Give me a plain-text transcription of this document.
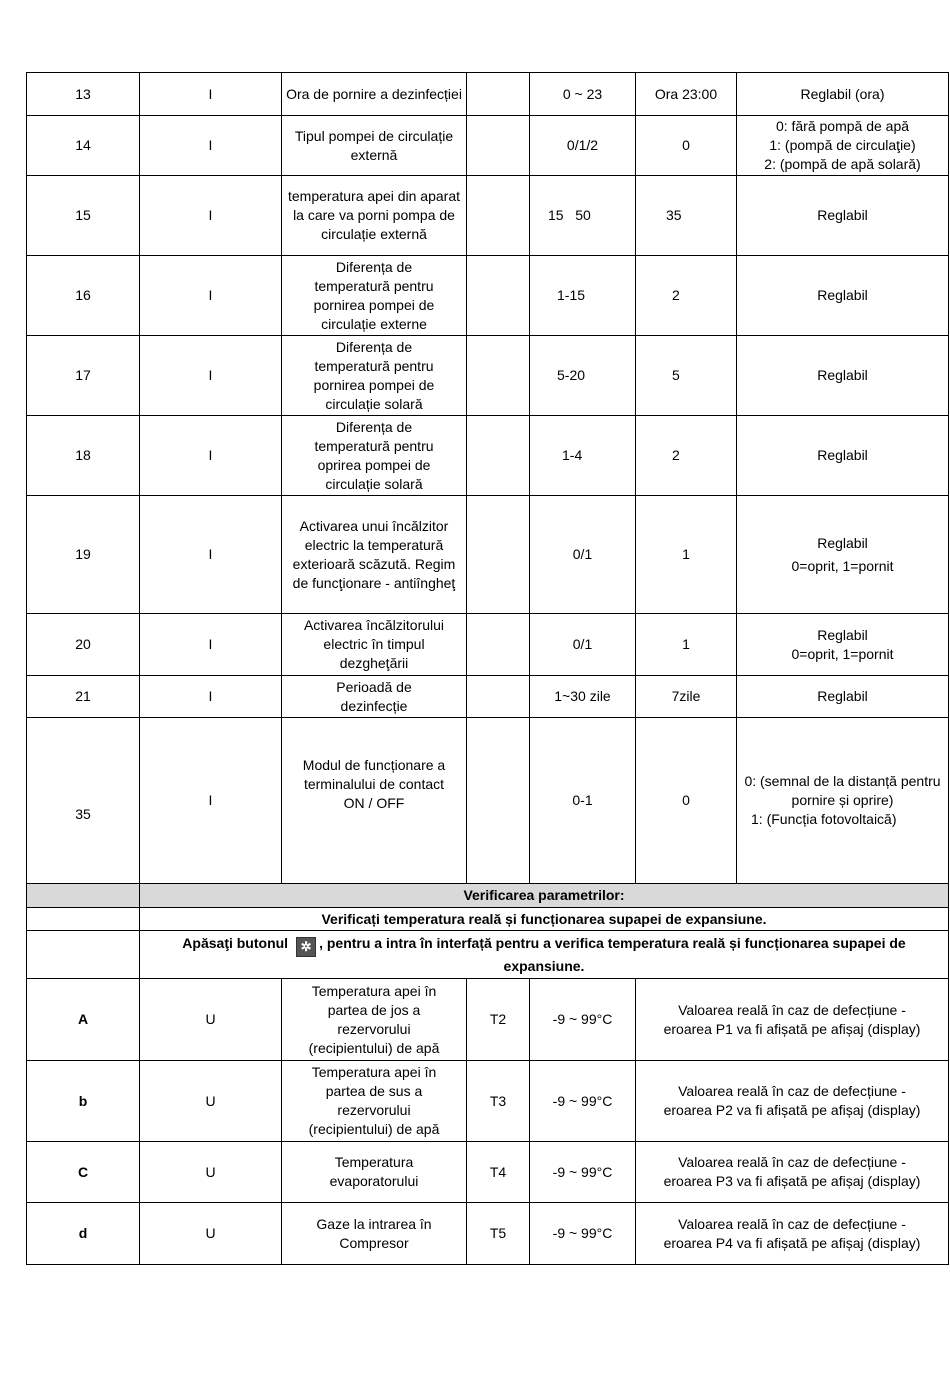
13	I	Ora de pornire a dezinfecției		0 ~ 23	Ora 23:00	Reglabil (ora)
14	I	Tipul pompei de circulație externă		0/1/2	0	0: fără pompă de apă
1: (pompă de circulaţie)
2: (pompă de apă solară)
15	I	temperatura apei din aparat la care va porni pompa de circulație externă		15   50	35	Reglabil
16	I	Diferența de temperatură pentru pornirea pompei de circulație externe		1-15	2	Reglabil
17	I	Diferența de temperatură pentru pornirea pompei de circulație solară		5-20	5	Reglabil
18	I	Diferența de temperatură pentru oprirea pompei de circulație solară		1-4	2	Reglabil
19	I	Activarea unui încălzitor electric la temperatură exterioară scăzută. Regim de funcţionare - antiîngheţ		0/1	1	Reglabil
0=oprit, 1=pornit
20	I	Activarea încălzitorului electric în timpul dezgheţării		0/1	1	Reglabil
0=oprit, 1=pornit
21	I	Perioadă de dezinfecție		1~30 zile	7zile	Reglabil

35	I	Modul de funcționare a terminalului de contact ON / OFF		0-1	0	0: (semnal de la distanță pentru pornire și oprire)
1: (Funcția fotovoltaică)

	Verificarea parametrilor:					
	Verificați temperatura reală și funcționarea supapei de expansiune.					
	Apăsaţi butonul ✲ , pentru a intra în interfață pentru a verifica temperatura reală și funcționarea supapei de expansiune.					
A	U	Temperatura apei în partea de jos a rezervorului (recipientului) de apă	T2	-9 ~ 99°C	Valoarea reală în caz de defecțiune - eroarea P1 va fi afișată pe afișaj (display)	
b	U	Temperatura apei în partea de sus a rezervorului (recipientului) de apă	T3	-9 ~ 99°C	Valoarea reală în caz de defecțiune - eroarea P2 va fi afișată pe afișaj (display)	
C	U	Temperatura evaporatorului	T4	-9 ~ 99°C	Valoarea reală în caz de defecțiune - eroarea P3 va fi afișată pe afișaj (display)	
d	U	Gaze la intrarea în Compresor	T5	-9 ~ 99°C	Valoarea reală în caz de defecțiune - eroarea P4 va fi afișată pe afișaj (display)	
